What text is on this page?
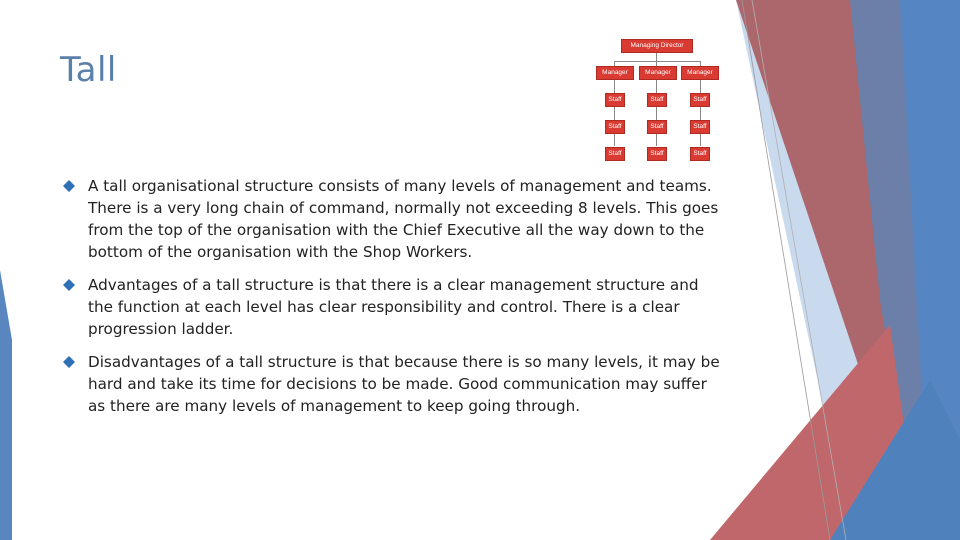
Tall
Managing Director
Manager	Manager	Manager
Staff	Staff	Staff
Staff	Staff	Staff
Staff	Staff	Staff
A tall organisational structure consists of many levels of management and teams. There is a very long chain of command, normally not exceeding 8 levels. This goes from the top of the organisation with the Chief Executive all the way down to the bottom of the organisation with the Shop Workers.
Advantages of a tall structure is that there is a clear management structure and the function at each level has clear responsibility and control. There is a clear progression ladder.
Disadvantages of a tall structure is that because there is so many levels, it may be hard and take its time for decisions to be made. Good communication may suffer as there are many levels of management to keep going through.
